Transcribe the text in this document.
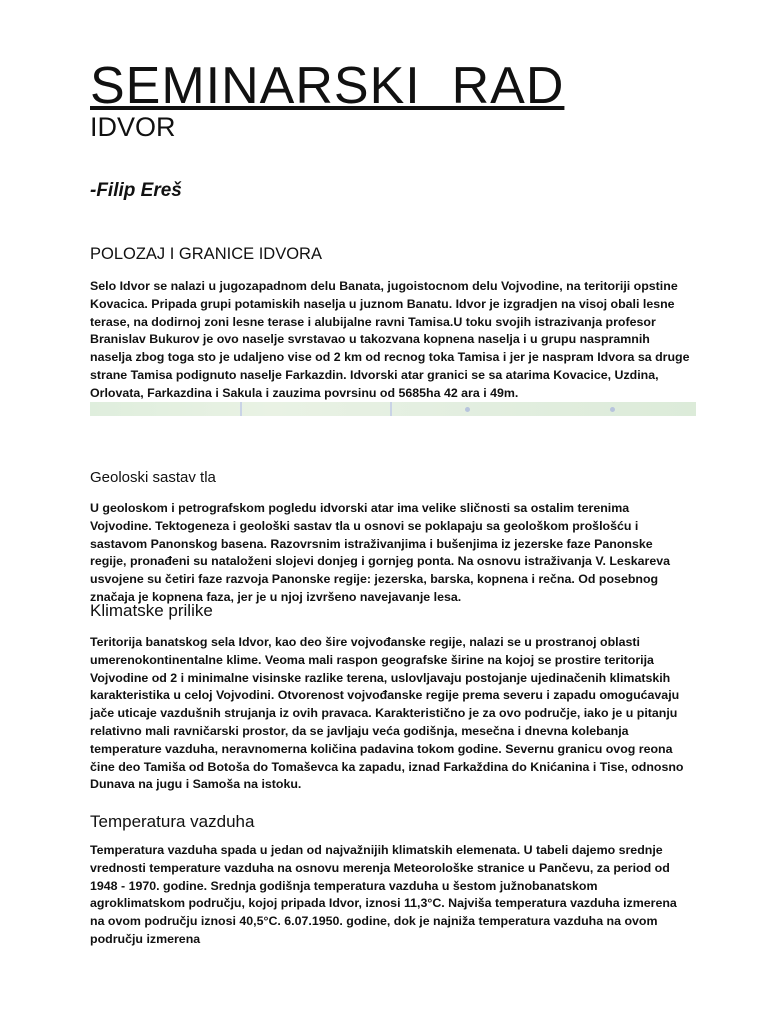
SEMINARSKI  RAD
IDVOR
-Filip Ereš
POLOZAJ I GRANICE IDVORA

Selo Idvor se nalazi u jugozapadnom delu Banata, jugoistocnom delu Vojvodine, na teritoriji opstine Kovacica. Pripada grupi potamiskih naselja u juznom Banatu. Idvor je izgradjen na visoj obali lesne terase, na dodirnoj zoni lesne terase i alubijalne ravni Tamisa.U toku svojih istrazivanja profesor Branislav Bukurov je ovo naselje svrstavao u takozvana kopnena naselja i u grupu naspramnih naselja zbog toga sto je udaljeno vise od 2 km od recnog toka Tamisa i jer je naspram Idvora sa druge strane Tamisa podignuto naselje Farkazdin. Idvorski atar granici se sa atarima Kovacice, Uzdina, Orlovata, Farkazdina i Sakula i zauzima povrsinu od 5685ha 42 ara i 49m.

Geoloski sastav tla

U geoloskom i petrografskom pogledu idvorski atar ima velike sličnosti sa ostalim terenima Vojvodine. Tektogeneza i geološki sastav tla u osnovi se poklapaju sa geološkom prošlošću i sastavom Panonskog basena. Razovrsnim istraživanjima i bušenjima iz jezerske faze Panonske regije, pronađeni su nataloženi slojevi donjeg i gornjeg ponta. Na osnovu istraživanja V. Leskareva usvojene su četiri faze razvoja Panonske regije: jezerska, barska, kopnena i rečna. Od posebnog značaja je kopnena faza, jer je u njoj izvršeno navejavanje lesa.

Klimatske prilike

Teritorija banatskog sela Idvor, kao deo šire vojvođanske regije, nalazi se u prostranoj oblasti umerenokontinentalne klime. Veoma mali raspon geografske širine na kojoj se prostire teritorija Vojvodine od 2 i minimalne visinske razlike terena, uslovljavaju postojanje ujedinačenih klimatskih karakteristika u celoj Vojvodini. Otvorenost vojvođanske regije prema severu i zapadu omogućavaju jače uticaje vazdušnih strujanja iz ovih pravaca. Karakteristično je za ovo područje, iako je u pitanju relativno mali ravničarski prostor, da se javljaju veća godišnja, mesečna i dnevna kolebanja temperature vazduha, neravnomerna količina padavina tokom godine. Severnu granicu ovog reona čine deo Tamiša od Botoša do Tomaševca ka zapadu, iznad Farkaždina do Knićanina i Tise, odnosno Dunava na jugu i Samoša na istoku.

Temperatura vazduha

Temperatura vazduha spada u jedan od najvažnijih klimatskih elemenata. U tabeli dajemo srednje vrednosti temperature vazduha na osnovu merenja Meteorološke stranice u Pančevu, za period od 1948 - 1970. godine. Srednja godišnja temperatura vazduha u šestom južnobanatskom agroklimatskom području, kojoj pripada Idvor, iznosi 11,3°C. Najviša temperatura vazduha izmerena na ovom području iznosi 40,5°C. 6.07.1950. godine, dok je najniža temperatura vazduha na ovom području izmerena
